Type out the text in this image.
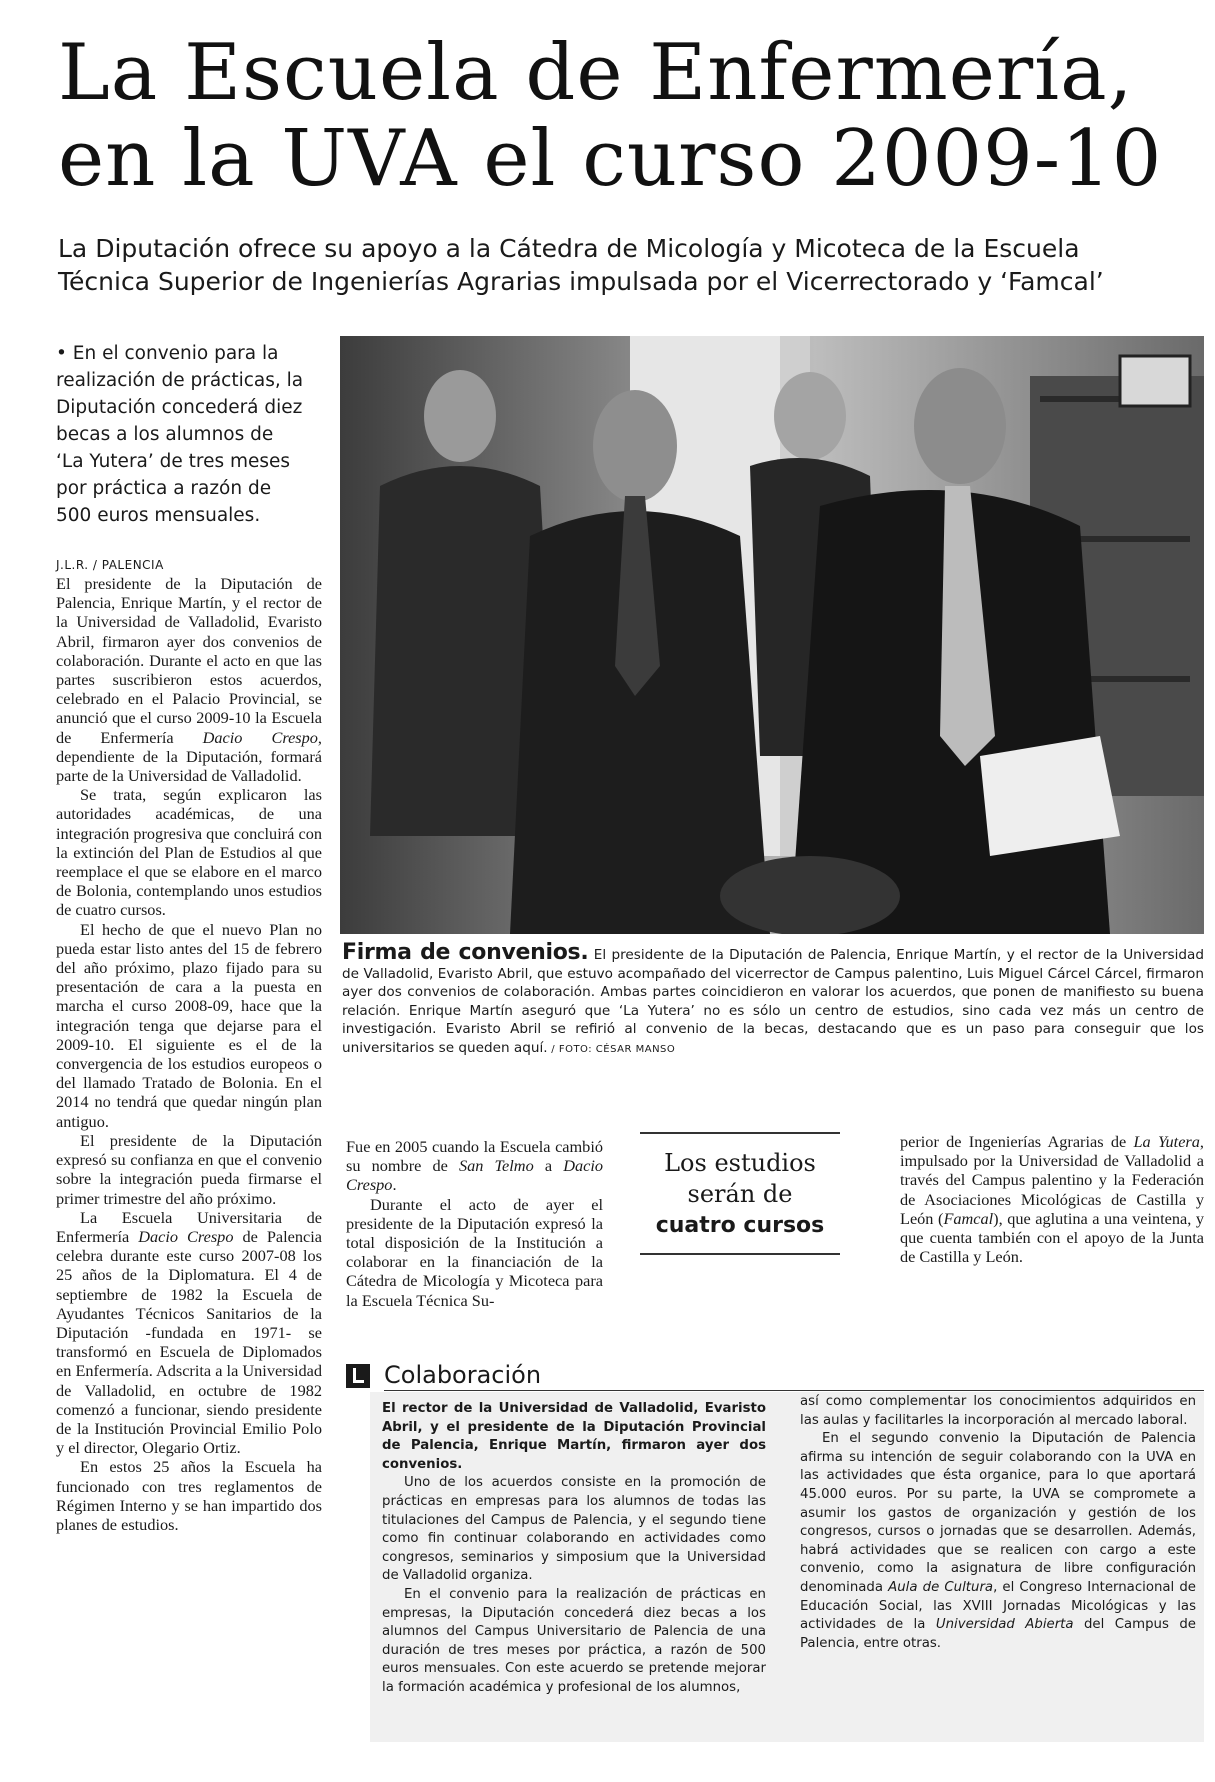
La Escuela de Enfermería,
en la UVA el curso 2009-10
La Diputación ofrece su apoyo a la Cátedra de Micología y Micoteca de la Escuela Técnica Superior de Ingenierías Agrarias impulsada por el Vicerrectorado y ‘Famcal’
• En el convenio para la realización de prácticas, la Diputación concederá diez becas a los alumnos de ‘La Yutera’ de tres meses por práctica a razón de 500 euros mensuales.
J.L.R. / PALENCIA

El presidente de la Diputación de Palencia, Enrique Martín, y el rector de la Universidad de Valladolid, Evaristo Abril, firmaron ayer dos convenios de colaboración. Durante el acto en que las partes suscribieron estos acuerdos, celebrado en el Palacio Provincial, se anunció que el curso 2009-10 la Escuela de Enfermería Dacio Crespo, dependiente de la Diputación, formará parte de la Universidad de Valladolid.

Se trata, según explicaron las autoridades académicas, de una integración progresiva que concluirá con la extinción del Plan de Estudios al que reemplace el que se elabore en el marco de Bolonia, contemplando unos estudios de cuatro cursos.

El hecho de que el nuevo Plan no pueda estar listo antes del 15 de febrero del año próximo, plazo fijado para su presentación de cara a la puesta en marcha el curso 2008-09, hace que la integración tenga que dejarse para el 2009-10. El siguiente es el de la convergencia de los estudios europeos o del llamado Tratado de Bolonia. En el 2014 no tendrá que quedar ningún plan antiguo.

El presidente de la Diputación expresó su confianza en que el convenio sobre la integración pueda firmarse el primer trimestre del año próximo.

La Escuela Universitaria de Enfermería Dacio Crespo de Palencia celebra durante este curso 2007-08 los 25 años de la Diplomatura. El 4 de septiembre de 1982 la Escuela de Ayudantes Técnicos Sanitarios de la Diputación -fundada en 1971- se transformó en Escuela de Diplomados en Enfermería. Adscrita a la Universidad de Valladolid, en octubre de 1982 comenzó a funcionar, siendo presidente de la Institución Provincial Emilio Polo y el director, Olegario Ortiz.

En estos 25 años la Escuela ha funcionado con tres reglamentos de Régimen Interno y se han impartido dos planes de estudios.

Firma de convenios. El presidente de la Diputación de Palencia, Enrique Martín, y el rector de la Universidad de Valladolid, Evaristo Abril, que estuvo acompañado del vicerrector de Campus palentino, Luis Miguel Cárcel Cárcel, firmaron ayer dos convenios de colaboración. Ambas partes coincidieron en valorar los acuerdos, que ponen de manifiesto su buena relación. Enrique Martín aseguró que ‘La Yutera’ no es sólo un centro de estudios, sino cada vez más un centro de investigación. Evaristo Abril se refirió al convenio de la becas, destacando que es un paso para conseguir que los universitarios se queden aquí. / FOTO: CÉSAR MANSO

Fue en 2005 cuando la Escuela cambió su nombre de San Telmo a Dacio Crespo.

Durante el acto de ayer el presidente de la Diputación expresó la total disposición de la Institución a colaborar en la financiación de la Cátedra de Micología y Micoteca para la Escuela Técnica Su-

Los estudios
serán de
cuatro cursos

perior de Ingenierías Agrarias de La Yutera, impulsado por la Universidad de Valladolid a través del Campus palentino y la Federación de Asociaciones Micológicas de Castilla y León (Famcal), que aglutina a una veintena, y que cuenta también con el apoyo de la Junta de Castilla y León.

Colaboración

El rector de la Universidad de Valladolid, Evaristo Abril, y el presidente de la Diputación Provincial de Palencia, Enrique Martín, firmaron ayer dos convenios.

Uno de los acuerdos consiste en la promoción de prácticas en empresas para los alumnos de todas las titulaciones del Campus de Palencia, y el segundo tiene como fin continuar colaborando en actividades como congresos, seminarios y simposium que la Universidad de Valladolid organiza.

En el convenio para la realización de prácticas en empresas, la Diputación concederá diez becas a los alumnos del Campus Universitario de Palencia de una duración de tres meses por práctica, a razón de 500 euros mensuales. Con este acuerdo se pretende mejorar la formación académica y profesional de los alumnos,

así como complementar los conocimientos adquiridos en las aulas y facilitarles la incorporación al mercado laboral.

En el segundo convenio la Diputación de Palencia afirma su intención de seguir colaborando con la UVA en las actividades que ésta organice, para lo que aportará 45.000 euros. Por su parte, la UVA se compromete a asumir los gastos de organización y gestión de los congresos, cursos o jornadas que se desarrollen. Además, habrá actividades que se realicen con cargo a este convenio, como la asignatura de libre configuración denominada Aula de Cultura, el Congreso Internacional de Educación Social, las XVIII Jornadas Micológicas y las actividades de la Universidad Abierta del Campus de Palencia, entre otras.
